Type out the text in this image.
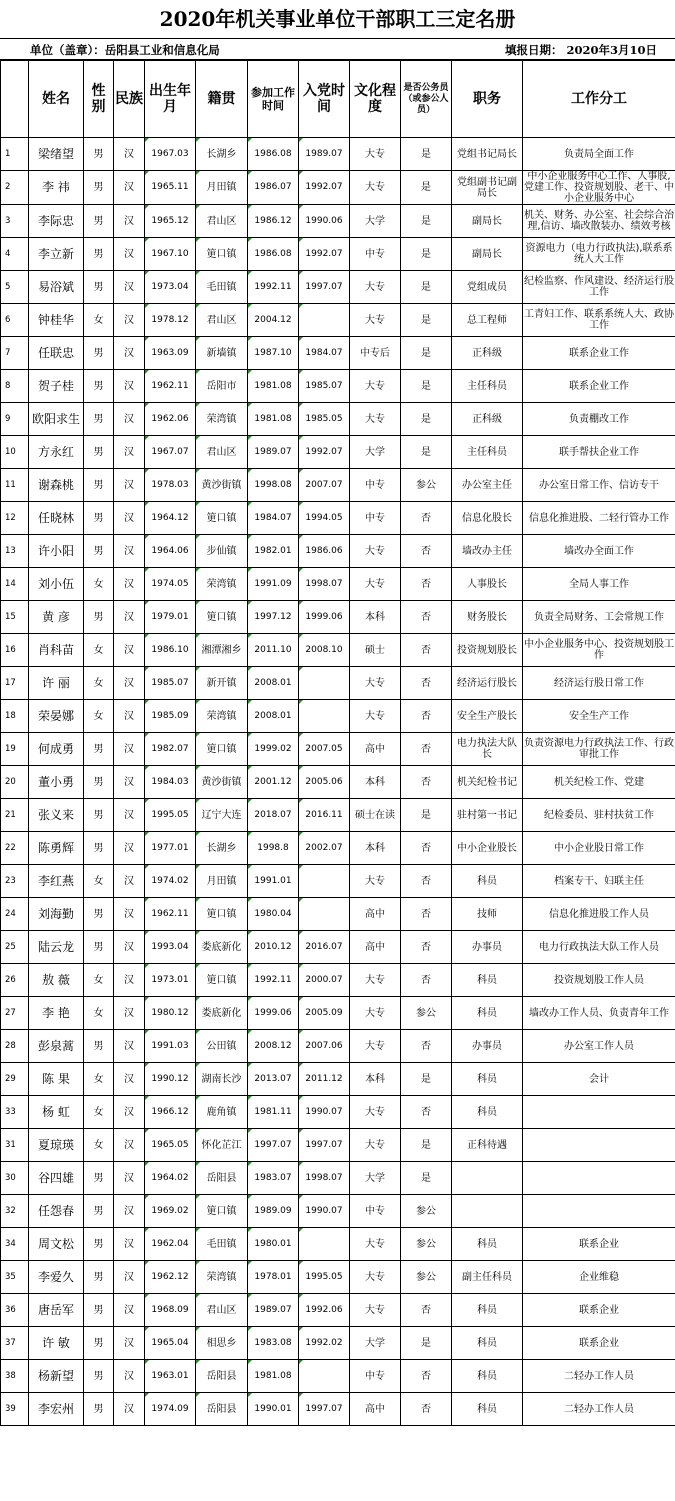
2020年机关事业单位干部职工三定名册
单位（盖章）：岳阳县工业和信息化局	填报日期： 2020年3月10日
	姓名	性别	民族	出生年月	籍贯	参加工作时间	入党时间	文化程度	是否公务员（或参公人员）	职务	工作分工
1	梁绪望	男	汉	1967.03	长湖乡	1986.08	1989.07	大专	是	党组书记局长	负责局全面工作
2	李 祎	男	汉	1965.11	月田镇	1986.07	1992.07	大专	是	党组副书记副局长	中小企业服务中心工作、人事股,党建工作、投资规划股、老干、中小企业服务中心
3	李际忠	男	汉	1965.12	君山区	1986.12	1990.06	大学	是	副局长	机关、财务、办公室、社会综合治理,信访、墙改散装办、绩效考核
4	李立新	男	汉	1967.10	筻口镇	1986.08	1992.07	中专	是	副局长	资源电力（电力行政执法),联系系统人大工作
5	易浴斌	男	汉	1973.04	毛田镇	1992.11	1997.07	大专	是	党组成员	纪检监察、作风建设、经济运行股工作
6	钟桂华	女	汉	1978.12	君山区	2004.12		大专	是	总工程师	工青妇工作、联系系统人大、政协工作
7	任联忠	男	汉	1963.09	新墙镇	1987.10	1984.07	中专后	是	正科级	联系企业工作
8	贺子桂	男	汉	1962.11	岳阳市	1981.08	1985.07	大专	是	主任科员	联系企业工作
9	欧阳求生	男	汉	1962.06	荣湾镇	1981.08	1985.05	大专	是	正科级	负责棚改工作
10	方永红	男	汉	1967.07	君山区	1989.07	1992.07	大学	是	主任科员	联手帮扶企业工作
11	谢森桃	男	汉	1978.03	黄沙街镇	1998.08	2007.07	中专	参公	办公室主任	办公室日常工作、信访专干
12	任晓林	男	汉	1964.12	筻口镇	1984.07	1994.05	中专	否	信息化股长	信息化推进股、二轻行管办工作
13	许小阳	男	汉	1964.06	步仙镇	1982.01	1986.06	大专	否	墙改办主任	墙改办全面工作
14	刘小伍	女	汉	1974.05	荣湾镇	1991.09	1998.07	大专	否	人事股长	全局人事工作
15	黄 彦	男	汉	1979.01	筻口镇	1997.12	1999.06	本科	否	财务股长	负责全局财务、工会常规工作
16	肖科苗	女	汉	1986.10	湘潭湘乡	2011.10	2008.10	硕士	否	投资规划股长	中小企业服务中心、投资规划股工作
17	许 丽	女	汉	1985.07	新开镇	2008.01		大专	否	经济运行股长	经济运行股日常工作
18	荣晏娜	女	汉	1985.09	荣湾镇	2008.01		大专	否	安全生产股长	安全生产工作
19	何成勇	男	汉	1982.07	筻口镇	1999.02	2007.05	高中	否	电力执法大队长	负责资源电力行政执法工作、行政审批工作
20	董小勇	男	汉	1984.03	黄沙街镇	2001.12	2005.06	本科	否	机关纪检书记	机关纪检工作、党建
21	张义来	男	汉	1995.05	辽宁大连	2018.07	2016.11	硕士在读	是	驻村第一书记	纪检委员、驻村扶贫工作
22	陈勇辉	男	汉	1977.01	长湖乡	1998.8	2002.07	本科	否	中小企业股长	中小企业股日常工作
23	李红燕	女	汉	1974.02	月田镇	1991.01		大专	否	科员	档案专干、妇联主任
24	刘海勤	男	汉	1962.11	筻口镇	1980.04		高中	否	技师	信息化推进股工作人员
25	陆云龙	男	汉	1993.04	娄底新化	2010.12	2016.07	高中	否	办事员	电力行政执法大队工作人员
26	敖 薇	女	汉	1973.01	筻口镇	1992.11	2000.07	大专	否	科员	投资规划股工作人员
27	李 艳	女	汉	1980.12	娄底新化	1999.06	2005.09	大专	参公	科员	墙改办工作人员、负责青年工作
28	彭泉蒿	男	汉	1991.03	公田镇	2008.12	2007.06	大专	否	办事员	办公室工作人员
29	陈 果	女	汉	1990.12	湖南长沙	2013.07	2011.12	本科	是	科员	会计
33	杨 虹	女	汉	1966.12	鹿角镇	1981.11	1990.07	大专	否	科员	
31	夏琼瑛	女	汉	1965.05	怀化芷江	1997.07	1997.07	大专	是	正科待遇	
30	谷四雄	男	汉	1964.02	岳阳县	1983.07	1998.07	大学	是		
32	任怨春	男	汉	1969.02	筻口镇	1989.09	1990.07	中专	参公		
34	周文松	男	汉	1962.04	毛田镇	1980.01		大专	参公	科员	联系企业
35	李爱久	男	汉	1962.12	荣湾镇	1978.01	1995.05	大专	参公	副主任科员	企业维稳
36	唐岳军	男	汉	1968.09	君山区	1989.07	1992.06	大专	否	科员	联系企业
37	许 敏	男	汉	1965.04	相思乡	1983.08	1992.02	大学	是	科员	联系企业
38	杨新望	男	汉	1963.01	岳阳县	1981.08		中专	否	科员	二轻办工作人员
39	李宏州	男	汉	1974.09	岳阳县	1990.01	1997.07	高中	否	科员	二轻办工作人员
